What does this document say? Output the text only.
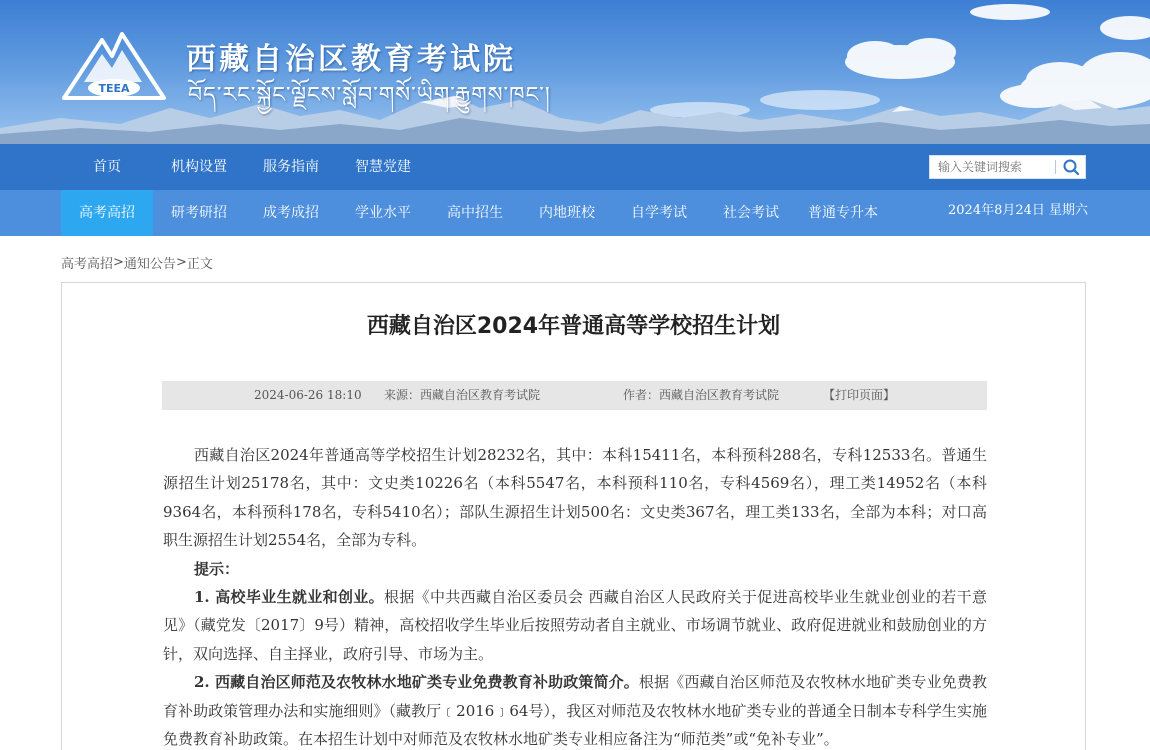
TEEA
西藏自治区教育考试院
བོད་རང་སྐྱོང་ལྗོངས་སློབ་གསོ་ཡིག་རྒྱུགས་ཁང་།
首页	机构设置	服务指南	智慧党建
输入关键词搜索
高考高招	研考研招	成考成招	学业水平	高中招生	内地班校	自学考试	社会考试	普通专升本	2024年8月24日 星期六
高考高招>通知公告>正文
西藏自治区2024年普通高等学校招生计划
2024-06-26 18:10 来源：西藏自治区教育考试院	作者：西藏自治区教育考试院	【打印页面】

西藏自治区2024年普通高等学校招生计划28232名，其中：本科15411名，本科预科288名，专科12533名。普通生源招生计划25178名，其中：文史类10226名（本科5547名，本科预科110名，专科4569名），理工类14952名（本科9364名，本科预科178名，专科5410名）；部队生源招生计划500名：文史类367名，理工类133名，全部为本科；对口高职生源招生计划2554名，全部为专科。

提示：

1. 高校毕业生就业和创业。根据《中共西藏自治区委员会 西藏自治区人民政府关于促进高校毕业生就业创业的若干意见》（藏党发〔2017〕9号）精神，高校招收学生毕业后按照劳动者自主就业、市场调节就业、政府促进就业和鼓励创业的方针，双向选择、自主择业，政府引导、市场为主。

2. 西藏自治区师范及农牧林水地矿类专业免费教育补助政策简介。根据《西藏自治区师范及农牧林水地矿类专业免费教育补助政策管理办法和实施细则》（藏教厅﹝2016﹞64号），我区对师范及农牧林水地矿类专业的普通全日制本专科学生实施免费教育补助政策。在本招生计划中对师范及农牧林水地矿类专业相应备注为“师范类”或“免补专业”。
